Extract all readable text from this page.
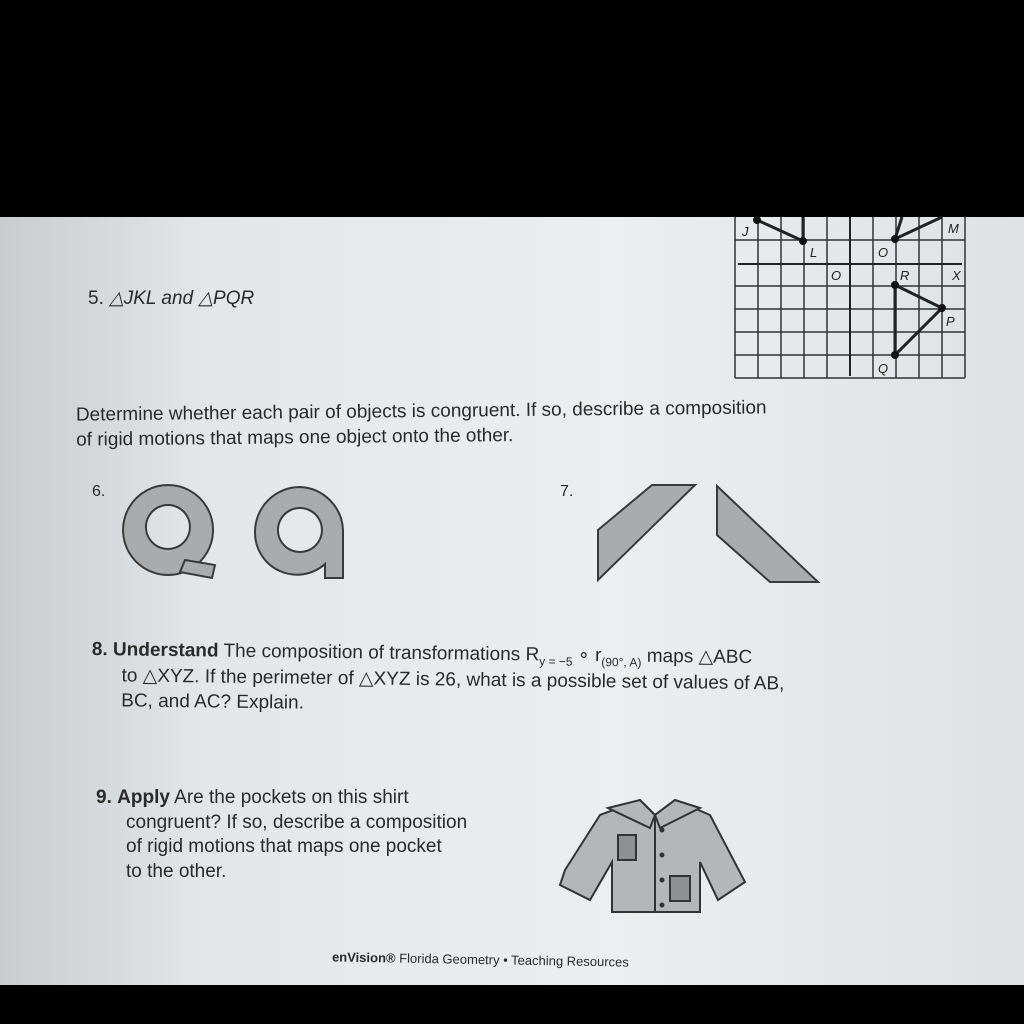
5. △JKL and △PQR
J
L
O	R	X
P
Q
M
O
Determine whether each pair of objects is congruent. If so, describe a composition
of rigid motions that maps one object onto the other.
6.	7.
8. Understand The composition of transformations $R_{y = -5}$ ∘ $r_{(90^\circ, A)}$ maps △ABC
to △XYZ. If the perimeter of △XYZ is 26, what is a possible set of values of AB,
BC, and AC? Explain.
9. Apply Are the pockets on this shirt
congruent? If so, describe a composition
of rigid motions that maps one pocket
to the other.
enVision® Florida Geometry • Teaching Resources
